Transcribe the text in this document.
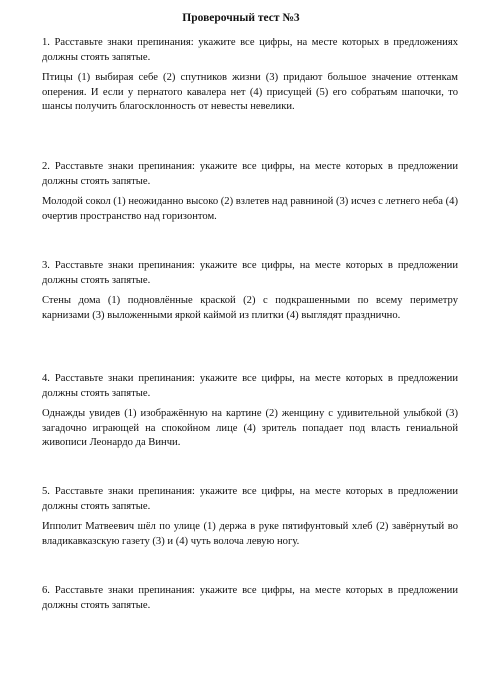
Проверочный тест №3

1. Расставьте знаки препинания: укажите все цифры, на месте которых в предложениях должны стоять запятые.

Птицы (1) выбирая себе (2) спутников жизни (3) придают большое значение оттенкам оперения. И если у пернатого кавалера нет (4) присущей (5) его собратьям шапочки, то шансы получить благосклонность от невесты невелики.

2. Расставьте знаки препинания: укажите все цифры, на месте которых в предложении должны стоять запятые.

Молодой сокол (1) неожиданно высоко (2) взлетев над равниной (3) исчез с летнего неба (4) очертив пространство над горизонтом.

3. Расставьте знаки препинания: укажите все цифры, на месте которых в предложении должны стоять запятые.

Стены дома (1) подновлённые краской (2) с подкрашенными по всему периметру карнизами (3) выложенными яркой каймой из плитки (4) выглядят празднично.

4. Расставьте знаки препинания: укажите все цифры, на месте которых в предложении должны стоять запятые.

Однажды увидев (1) изображённую на картине (2) женщину с удивительной улыбкой (3) загадочно играющей на спокойном лице (4) зритель попадает под власть гениальной живописи Леонардо да Винчи.

5. Расставьте знаки препинания: укажите все цифры, на месте которых в предложении должны стоять запятые.

Ипполит Матвеевич шёл по улице (1) держа в руке пятифунтовый хлеб (2) завёрнутый во владикавказскую газету (3) и (4) чуть волоча левую ногу.

6. Расставьте знаки препинания: укажите все цифры, на месте которых в предложении должны стоять запятые.
